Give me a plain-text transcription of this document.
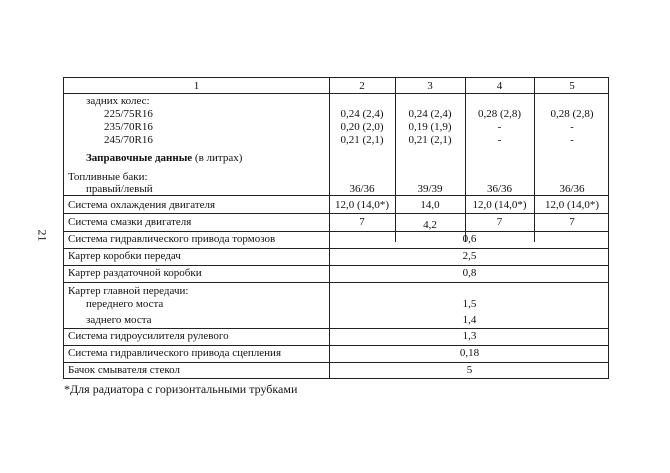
21
1	2	3	4	5
задних колес:
225/75R16	0,24 (2,4)	0,24 (2,4)	0,28 (2,8)	0,28 (2,8)
235/70R16	0,20 (2,0)	0,19 (1,9)	-	-
245/70R16	0,21 (2,1)	0,21 (2,1)	-	-
Заправочные данные (в литрах)
Топливные баки:
правый/левый	36/36	39/39	36/36	36/36
Система охлаждения двигателя	12,0 (14,0*)	14,0	12,0 (14,0*)	12,0 (14,0*)
Система смазки двигателя	7	4,2	7	7
Система гидравлического привода тормозов	0,6
Картер коробки передач	2,5
Картер раздаточной коробки	0,8
Картер главной передачи:
переднего моста	1,5
заднего моста	1,4
Система гидроусилителя рулевого	1,3
Система гидравлического привода сцепления	0,18
Бачок смывателя стекол	5
*Для радиатора с горизонтальными трубками
